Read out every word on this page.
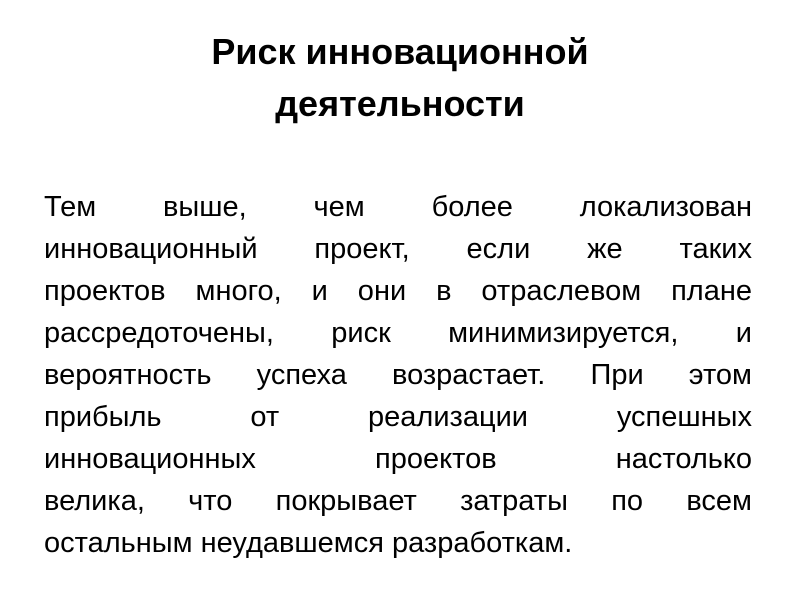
Риск инновационной
деятельности

Тем выше, чем более локализован
инновационный проект, если же таких
проектов много, и они в отраслевом плане
рассредоточены, риск минимизируется, и
вероятность успеха возрастает. При этом
прибыль от реализации успешных
инновационных проектов настолько
велика, что покрывает затраты по всем
остальным неудавшемся разработкам.
